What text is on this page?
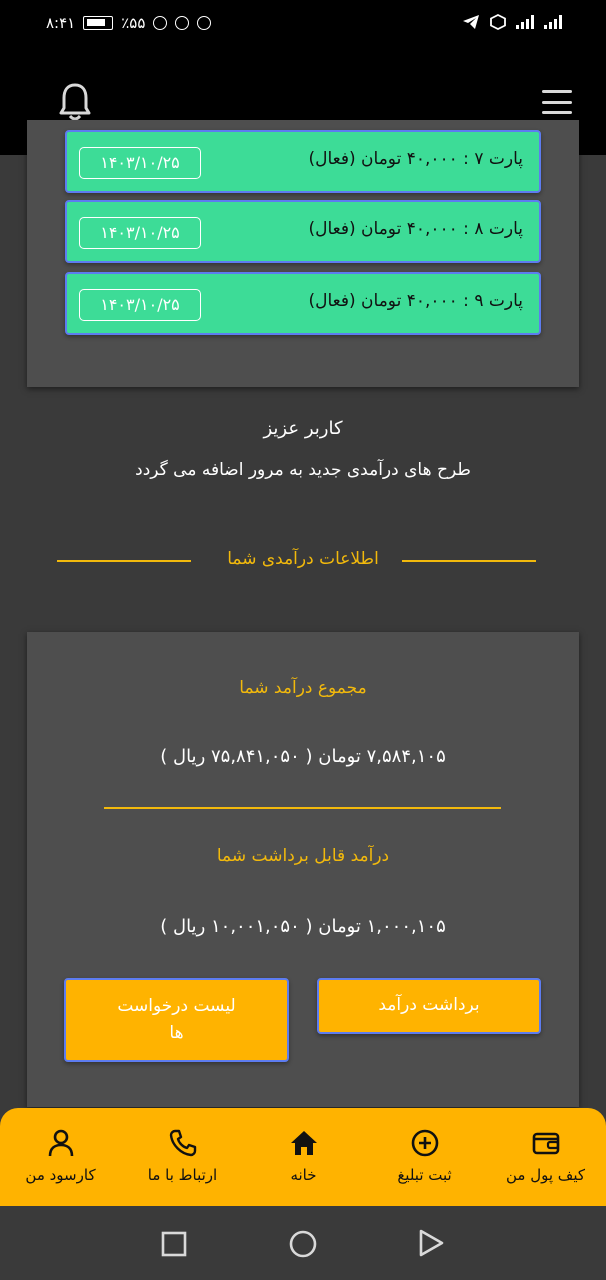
۸:۴۱	٪۵۵
پارت ۷ : ۴۰,۰۰۰ تومان (فعال)
۱۴۰۳/۱۰/۲۵
پارت ۸ : ۴۰,۰۰۰ تومان (فعال)
۱۴۰۳/۱۰/۲۵
پارت ۹ : ۴۰,۰۰۰ تومان (فعال)
۱۴۰۳/۱۰/۲۵
کاربر عزیز
طرح های درآمدی جدید به مرور اضافه می گردد
اطلاعات درآمدی شما
مجموع درآمد شما
۷,۵۸۴,۱۰۵ تومان ( ۷۵,۸۴۱,۰۵۰ ریال )
درآمد قابل برداشت شما
۱,۰۰۰,۱۰۵ تومان ( ۱۰,۰۰۱,۰۵۰ ریال )
برداشت درآمد
لیست درخواست
ها
کیف پول من
ثبت تبلیغ
خانه
ارتباط با ما
کارسود من
